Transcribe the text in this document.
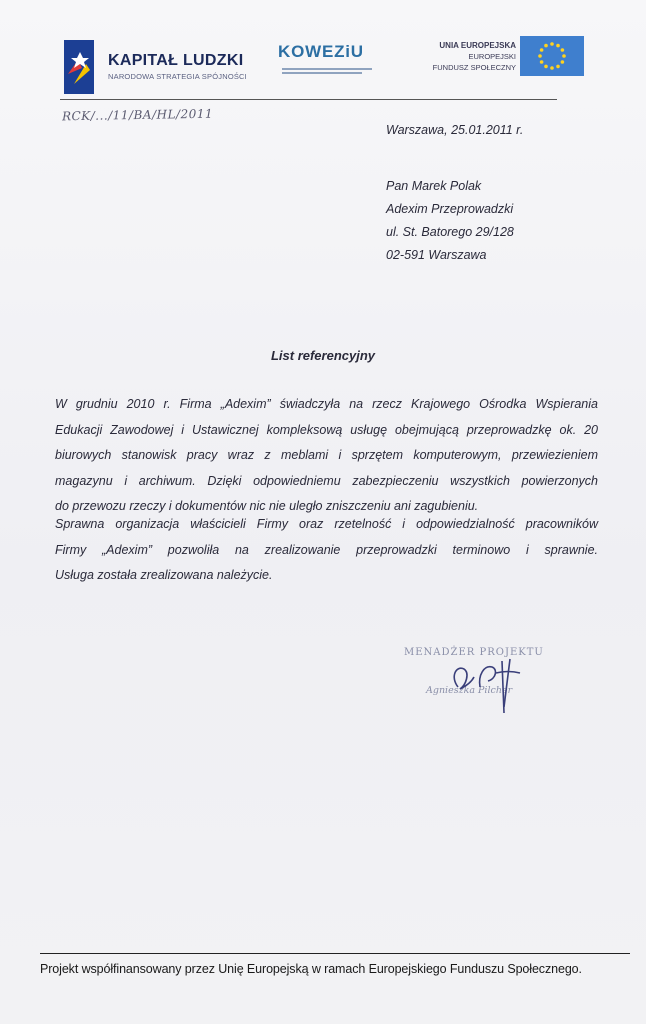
KAPITAŁ LUDZKI
NARODOWA STRATEGIA SPÓJNOŚCI
KOWEZiU	UNIA EUROPEJSKA
EUROPEJSKI
FUNDUSZ SPOŁECZNY
RCK/.../11/BA/HL/2011
Warszawa, 25.01.2011 r.
Pan Marek Polak
Adexim Przeprowadzki
ul. St. Batorego 29/128
02-591 Warszawa
List referencyjny
W grudniu 2010 r. Firma „Adexim” świadczyła na rzecz Krajowego Ośrodka Wspierania
Edukacji Zawodowej i Ustawicznej kompleksową usługę obejmującą przeprowadzkę ok. 20
biurowych stanowisk pracy wraz z meblami i sprzętem komputerowym, przewiezieniem
magazynu i archiwum. Dzięki odpowiedniemu zabezpieczeniu wszystkich powierzonych
do przewozu rzeczy i dokumentów nic nie uległo zniszczeniu ani zagubieniu.
Sprawna organizacja właścicieli Firmy oraz rzetelność i odpowiedzialność pracowników
Firmy „Adexim” pozwoliła na zrealizowanie przeprowadzki terminowo i sprawnie.
Usługa została zrealizowana należycie.
MENADŻER PROJEKTU
Agnieszka Pilcher
Projekt współfinansowany przez Unię Europejską w ramach Europejskiego Funduszu Społecznego.
